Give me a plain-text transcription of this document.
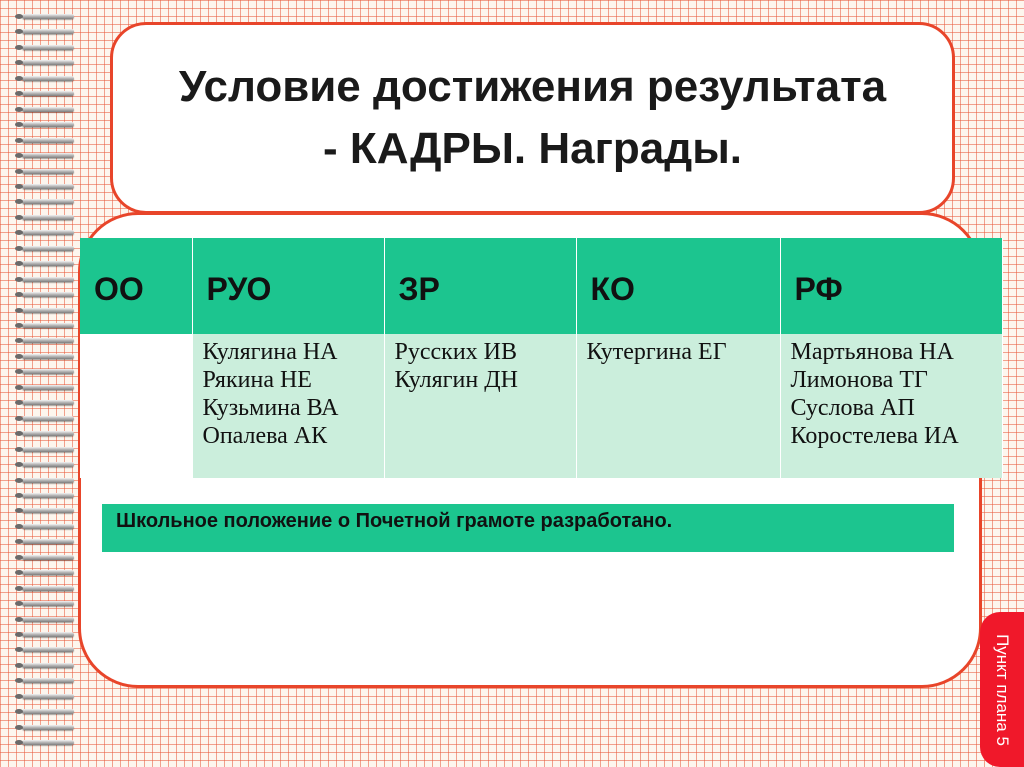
Условие достижения результата
- КАДРЫ. Награды.
ОО	РУО	ЗР	КО	РФ

	Кулягина НА
Рякина НЕ
Кузьмина ВА
Опалева АК	Русских ИВ
Кулягин ДН	Кутергина ЕГ	Мартьянова НА
Лимонова ТГ
Суслова АП
Коростелева ИА
Школьное положение о Почетной грамоте разработано.
Пункт плана 5
